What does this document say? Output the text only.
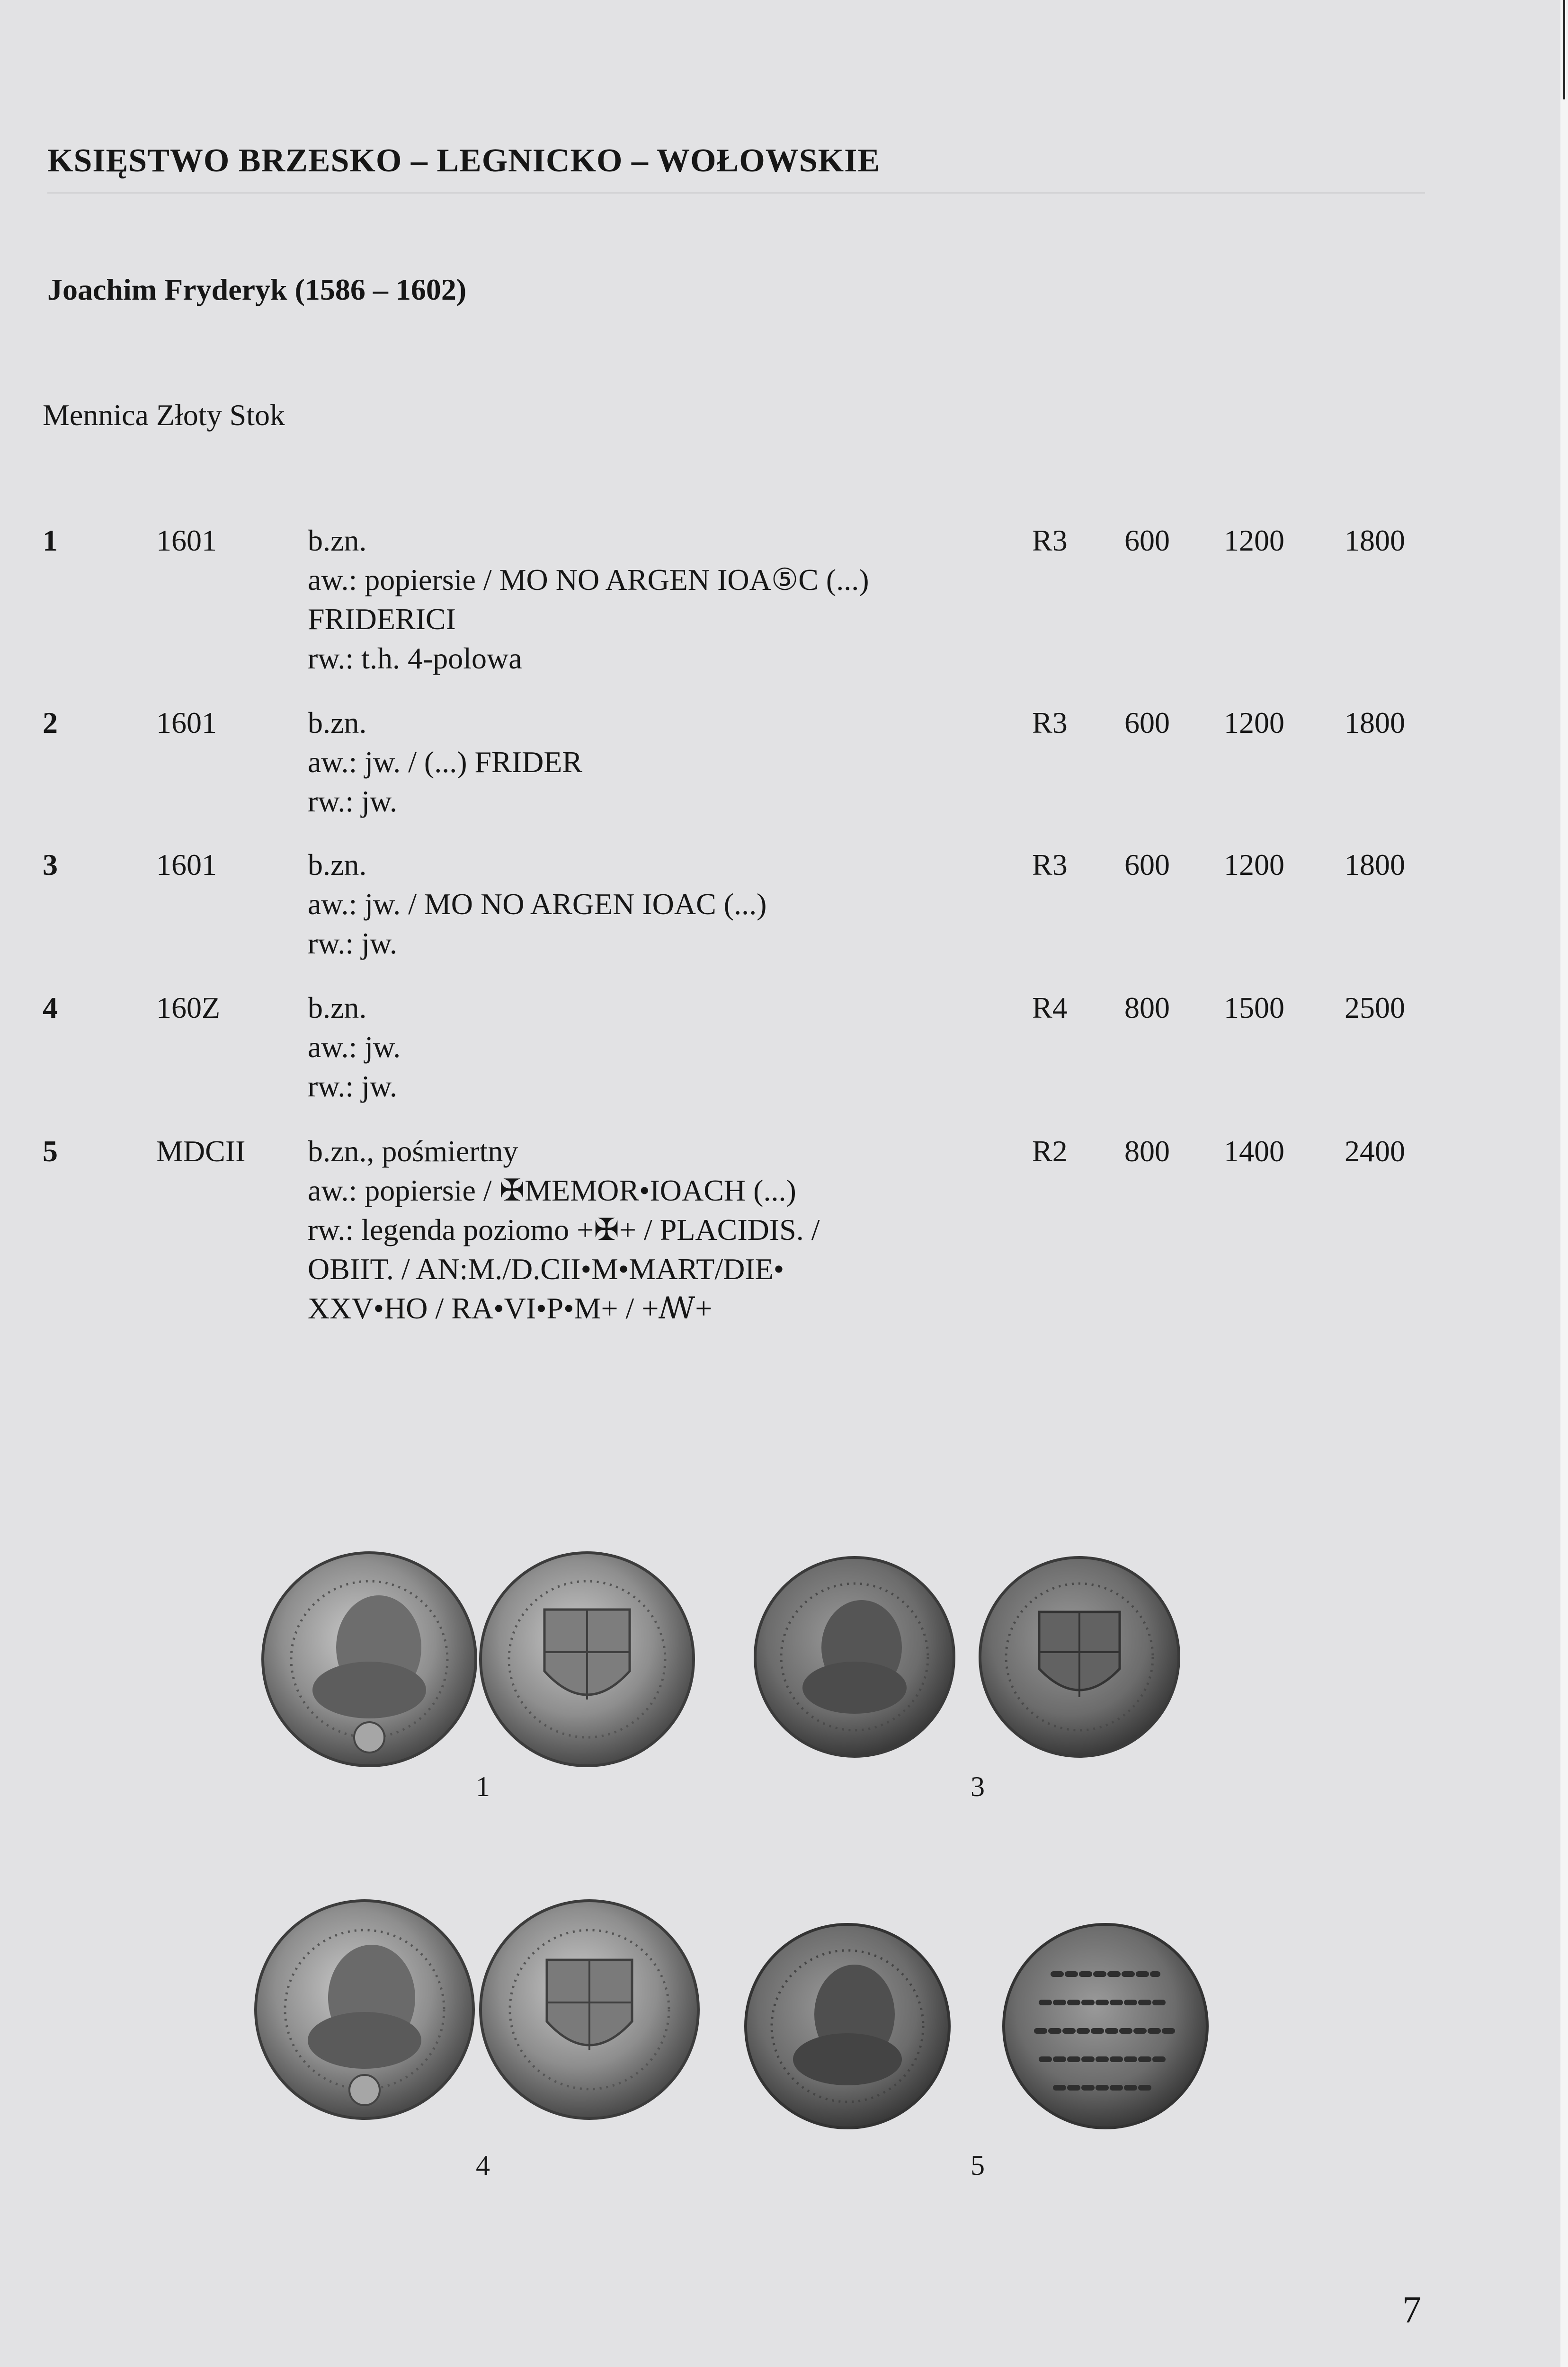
KSIĘSTWO BRZESKO – LEGNICKO – WOŁOWSKIE
Joachim Fryderyk (1586 – 1602)
Mennica Złoty Stok
1	1601	b.zn.
aw.: popiersie / MO NO ARGEN IOA⑤C (...)
FRIDERICI
rw.: t.h. 4-polowa
R3 600 1200 1800
2	1601	b.zn.
aw.: jw. / (...) FRIDER
rw.: jw.
R3 600 1200 1800
3	1601	b.zn.
aw.: jw. / MO NO ARGEN IOAC (...)
rw.: jw.
R3 600 1200 1800
4	160Z	b.zn.
aw.: jw.
rw.: jw.
R4 800 1500 2500
5	MDCII b.zn., pośmiertny
aw.: popiersie / ✠MEMOR•IOACH (...)
rw.: legenda poziomo +✠+ / PLACIDIS. /
OBIIT. / AN:M./D.CII•M•MART/DIE•
XXV•HO / RA•VI•P•M+ / +ꟿ+
R2 800 1400 2400
1	3
4	5
7
